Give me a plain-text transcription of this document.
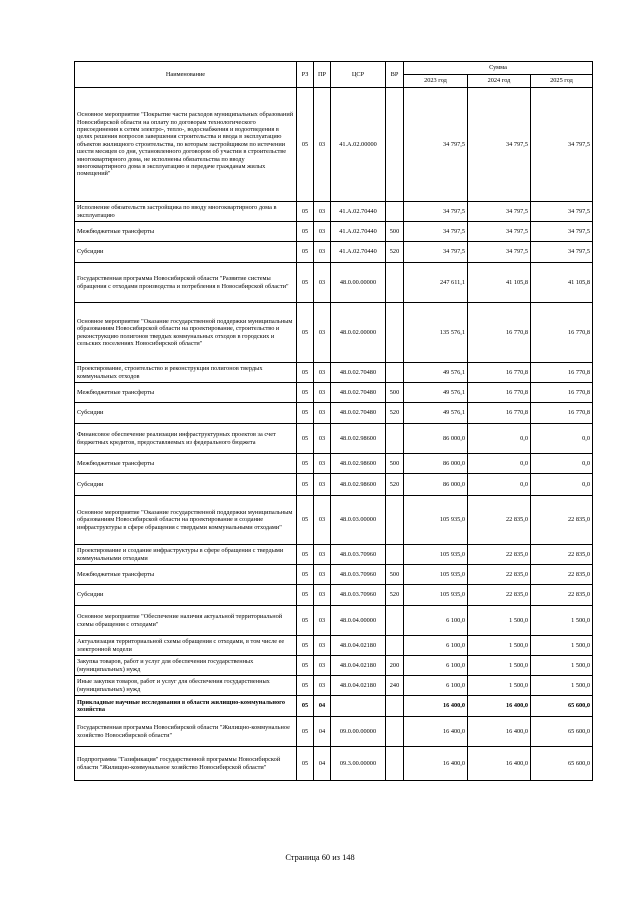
Наименование	РЗ	ПР	ЦСР	ВР	Сумма		
					2023 год	2024 год	2025 год
Основное мероприятие "Покрытие части расходов муниципальных образований Новосибирской области на оплату по договорам технологического присоединения к сетям электро-, тепло-, водоснабжения и водоотведения в целях решения вопросов завершения строительства и ввода в эксплуатацию объектов жилищного строительства, по которым застройщиком по истечении шести месяцев со дня, установленного договором об участии в строительстве многоквартирного дома, не исполнены обязательства по вводу многоквартирного дома в эксплуатацию и передаче гражданам жилых помещений"	05	03	41.А.02.00000		34 797,5	34 797,5	34 797,5
Исполнение обязательств застройщика по вводу многоквартирного дома в эксплуатацию	05	03	41.А.02.70440		34 797,5	34 797,5	34 797,5
Межбюджетные трансферты	05	03	41.А.02.70440	500	34 797,5	34 797,5	34 797,5
Субсидии	05	03	41.А.02.70440	520	34 797,5	34 797,5	34 797,5
Государственная программа Новосибирской области "Развитие системы обращения с отходами производства и потребления в Новосибирской области"	05	03	48.0.00.00000		247 611,1	41 105,8	41 105,8
Основное мероприятие "Оказание государственной поддержки муниципальным образованиям Новосибирской области на проектирование, строительство и реконструкцию полигонов твердых коммунальных отходов в городских и сельских поселениях Новосибирской области"	05	03	48.0.02.00000		135 576,1	16 770,8	16 770,8
Проектирование, строительство и реконструкция полигонов твердых коммунальных отходов	05	03	48.0.02.70480		49 576,1	16 770,8	16 770,8
Межбюджетные трансферты	05	03	48.0.02.70480	500	49 576,1	16 770,8	16 770,8
Субсидии	05	03	48.0.02.70480	520	49 576,1	16 770,8	16 770,8
Финансовое обеспечение реализации инфраструктурных проектов за счет бюджетных кредитов, предоставляемых из федерального бюджета	05	03	48.0.02.98600		86 000,0	0,0	0,0
Межбюджетные трансферты	05	03	48.0.02.98600	500	86 000,0	0,0	0,0
Субсидии	05	03	48.0.02.98600	520	86 000,0	0,0	0,0
Основное мероприятие "Оказание государственной поддержки муниципальным образованиям Новосибирской области на проектирование и создание инфраструктуры в сфере обращения с твердыми коммунальными отходами"	05	03	48.0.03.00000		105 935,0	22 835,0	22 835,0
Проектирование и создание инфраструктуры в сфере обращения с твердыми коммунальными отходами	05	03	48.0.03.70960		105 935,0	22 835,0	22 835,0
Межбюджетные трансферты	05	03	48.0.03.70960	500	105 935,0	22 835,0	22 835,0
Субсидии	05	03	48.0.03.70960	520	105 935,0	22 835,0	22 835,0
Основное мероприятие "Обеспечение наличия актуальной территориальной схемы обращения с отходами"	05	03	48.0.04.00000		6 100,0	1 500,0	1 500,0
Актуализация территориальной схемы обращения с отходами, в том числе ее электронной модели	05	03	48.0.04.02180		6 100,0	1 500,0	1 500,0
Закупка товаров, работ и услуг для обеспечения государственных (муниципальных) нужд	05	03	48.0.04.02180	200	6 100,0	1 500,0	1 500,0
Иные закупки товаров, работ и услуг для обеспечения государственных (муниципальных) нужд	05	03	48.0.04.02180	240	6 100,0	1 500,0	1 500,0
Прикладные научные исследования в области жилищно-коммунального хозяйства	05	04			16 400,0	16 400,0	65 600,0
Государственная программа Новосибирской области "Жилищно-коммунальное хозяйство Новосибирской области"	05	04	09.0.00.00000		16 400,0	16 400,0	65 600,0
Подпрограмма "Газификация" государственной программы Новосибирской области "Жилищно-коммунальное хозяйство Новосибирской области"	05	04	09.3.00.00000		16 400,0	16 400,0	65 600,0
Страница 60 из 148
